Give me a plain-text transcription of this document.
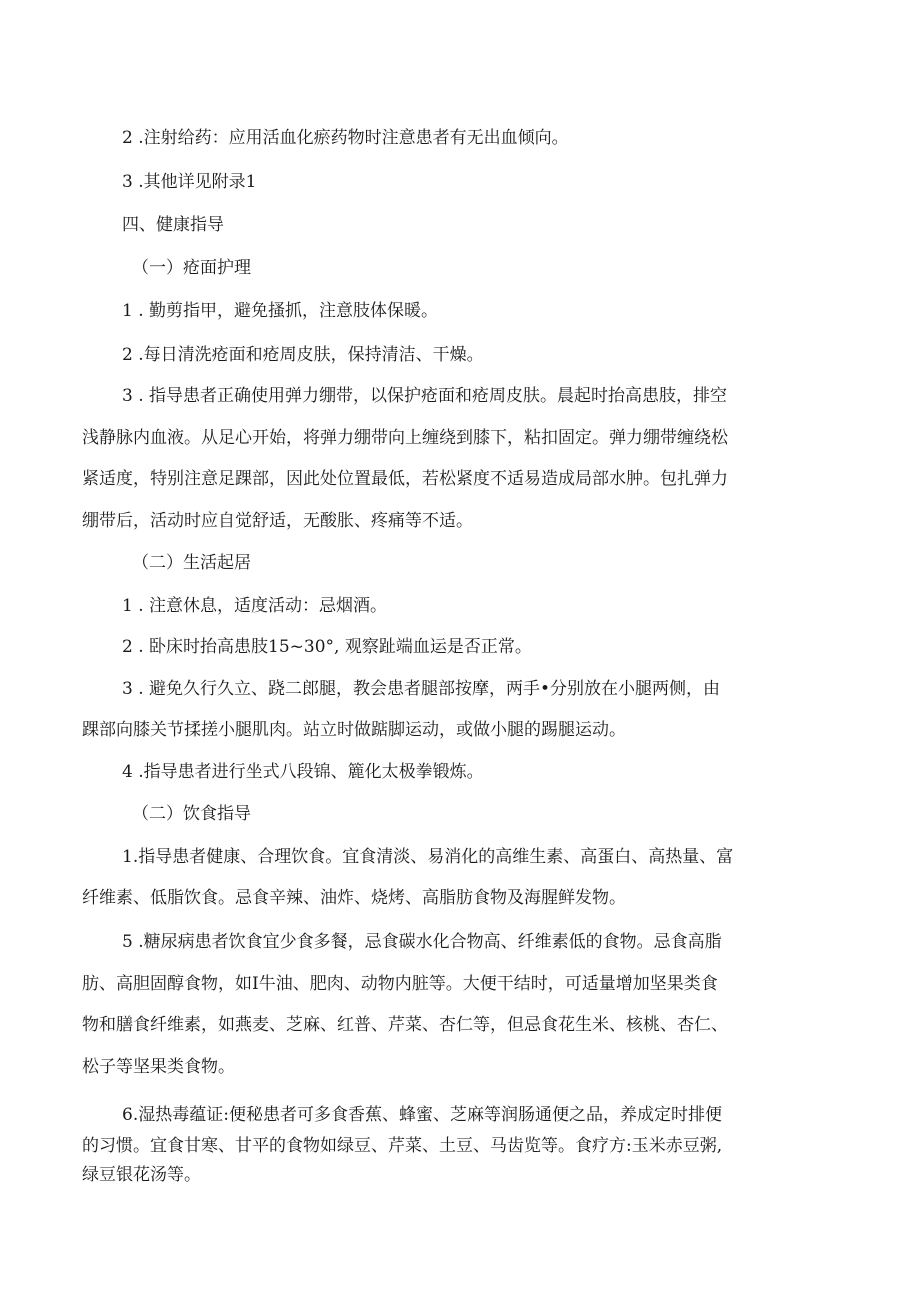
2 .注射给药：应用活血化瘀药物时注意患者有无出血倾向。

3 .其他详见附录1

四、健康指导

（一）疮面护理

1 . 勤剪指甲，避免搔抓，注意肢体保暖。

2 .每日清洗疮面和疮周皮肤，保持清洁、干燥。

3 . 指导患者正确使用弹力绷带，以保护疮面和疮周皮肤。晨起时抬高患肢，排空

浅静脉内血液。从足心开始，将弹力绷带向上缠绕到膝下，粘扣固定。弹力绷带缠绕松

紧适度，特别注意足踝部，因此处位置最低，若松紧度不适易造成局部水肿。包扎弹力

绷带后，活动时应自觉舒适，无酸胀、疼痛等不适。

（二）生活起居

1 . 注意休息，适度活动：忌烟酒。

2 . 卧床时抬高患肢15~30°, 观察趾端血运是否正常。

3 . 避免久行久立、跷二郎腿，教会患者腿部按摩，两手•分别放在小腿两侧，由

踝部向膝关节揉搓小腿肌肉。站立时做踮脚运动，或做小腿的踢腿运动。

4 .指导患者进行坐式八段锦、簏化太极拳锻炼。

（二）饮食指导

1.指导患者健康、合理饮食。宜食清淡、易消化的高维生素、高蛋白、高热量、富

纤维素、低脂饮食。忌食辛辣、油炸、烧烤、高脂肪食物及海腥鲜发物。

5 .糖尿病患者饮食宜少食多餐，忌食碳水化合物高、纤维素低的食物。忌食高脂

肪、高胆固醇食物，如I牛油、肥肉、动物内脏等。大便干结时，可适量增加坚果类食

物和膳食纤维素，如燕麦、芝麻、红普、芹菜、杏仁等，但忌食花生米、核桃、杏仁、

松子等坚果类食物。

6.湿热毒蕴证:便秘患者可多食香蕉、蜂蜜、芝麻等润肠通便之品，养成定时排便

的习惯。宜食甘寒、甘平的食物如绿豆、芹菜、土豆、马齿览等。食疗方:玉米赤豆粥,

绿豆银花汤等。
